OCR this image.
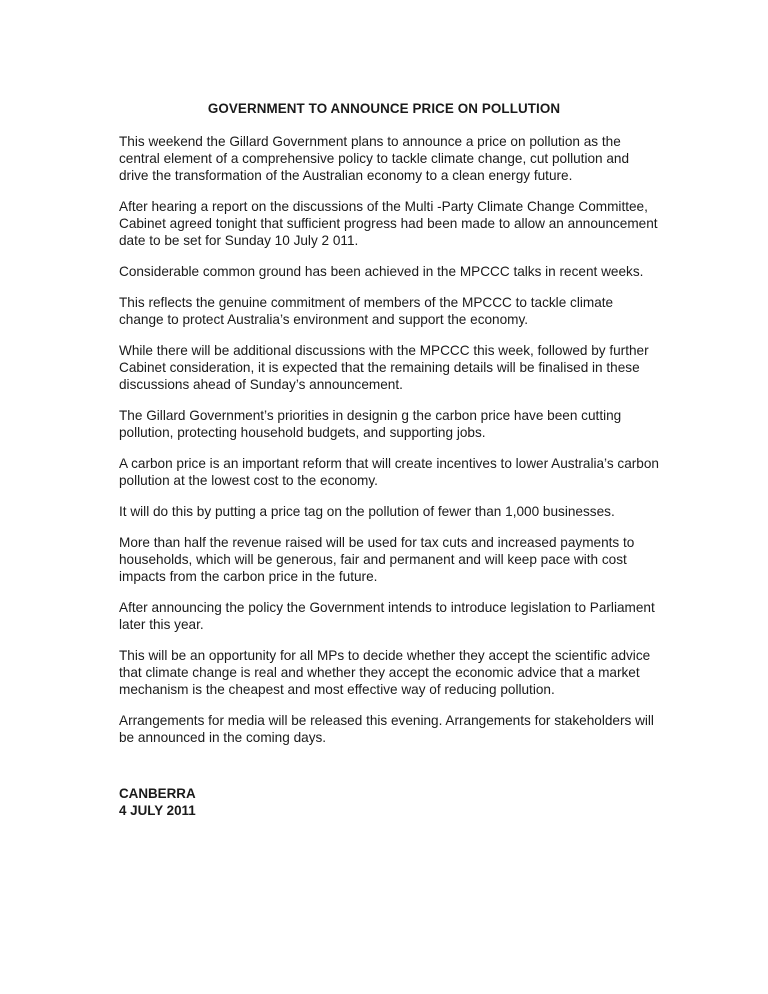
GOVERNMENT TO ANNOUNCE PRICE ON POLLUTION

This weekend the Gillard Government plans to announce a price on pollution as the central element of a comprehensive policy to tackle climate change, cut pollution and drive the transformation of the Australian economy to a clean energy future.

After hearing a report on the discussions of the Multi -Party Climate Change Committee, Cabinet agreed tonight that sufficient progress had been made to allow an announcement date to be set for Sunday 10 July 2 011.

Considerable common ground has been achieved in the MPCCC talks in recent weeks.

This reflects the genuine commitment of members of the MPCCC to tackle climate change to protect Australia’s environment and support the economy.

While there will be additional discussions with the MPCCC this week, followed by further Cabinet consideration, it is expected that the remaining details will be finalised in these discussions ahead of Sunday’s announcement.

The Gillard Government’s priorities in designin g the carbon price have been cutting pollution, protecting household budgets, and supporting jobs.

A carbon price is an important reform that will create incentives to lower Australia’s carbon pollution at the lowest cost to the economy.

It will do this by putting a price tag on the pollution of fewer than 1,000 businesses.

More than half the revenue raised will be used for tax cuts and increased payments to households, which will be generous, fair and permanent and will keep pace with cost impacts from the carbon price in the future.

After announcing the policy the Government intends to introduce legislation to Parliament later this year.

This will be an opportunity for all MPs to decide whether they accept the scientific advice that climate change is real and whether they accept the economic advice that a market mechanism is the cheapest and most effective way of reducing pollution.

Arrangements for media will be released this evening. Arrangements for stakeholders will be announced in the coming days.

CANBERRA
4 JULY 2011
